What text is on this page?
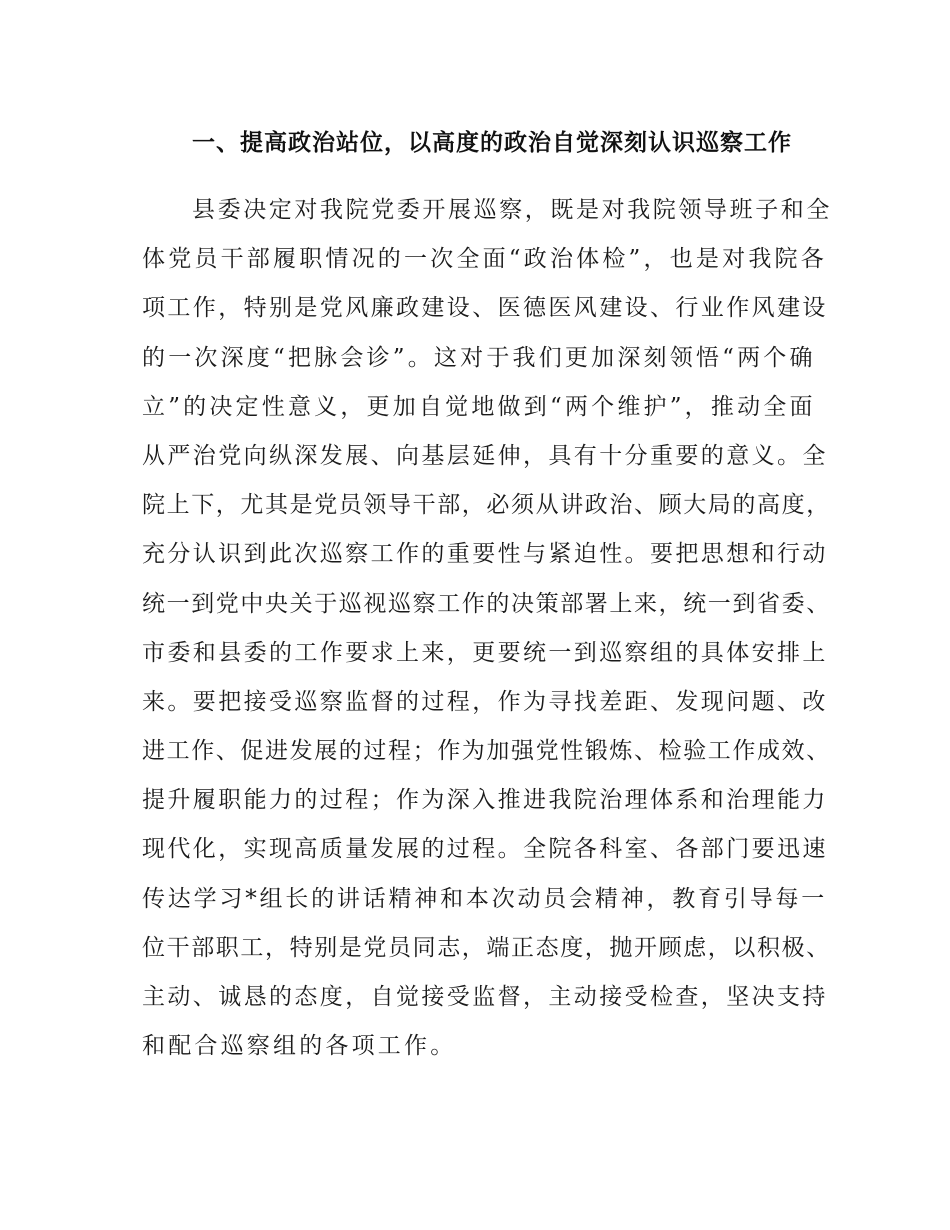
一、提高政治站位，以高度的政治自觉深刻认识巡察工作
县委决定对我院党委开展巡察，既是对我院领导班子和全
体党员干部履职情况的一次全面“政治体检”，也是对我院各
项工作，特别是党风廉政建设、医德医风建设、行业作风建设
的一次深度“把脉会诊”。这对于我们更加深刻领悟“两个确
立”的决定性意义，更加自觉地做到“两个维护”，推动全面
从严治党向纵深发展、向基层延伸，具有十分重要的意义。全
院上下，尤其是党员领导干部，必须从讲政治、顾大局的高度，
充分认识到此次巡察工作的重要性与紧迫性。要把思想和行动
统一到党中央关于巡视巡察工作的决策部署上来，统一到省委、
市委和县委的工作要求上来，更要统一到巡察组的具体安排上
来。要把接受巡察监督的过程，作为寻找差距、发现问题、改
进工作、促进发展的过程；作为加强党性锻炼、检验工作成效、
提升履职能力的过程；作为深入推进我院治理体系和治理能力
现代化，实现高质量发展的过程。全院各科室、各部门要迅速
传达学习*组长的讲话精神和本次动员会精神，教育引导每一
位干部职工，特别是党员同志，端正态度，抛开顾虑，以积极、
主动、诚恳的态度，自觉接受监督，主动接受检查，坚决支持
和配合巡察组的各项工作。
